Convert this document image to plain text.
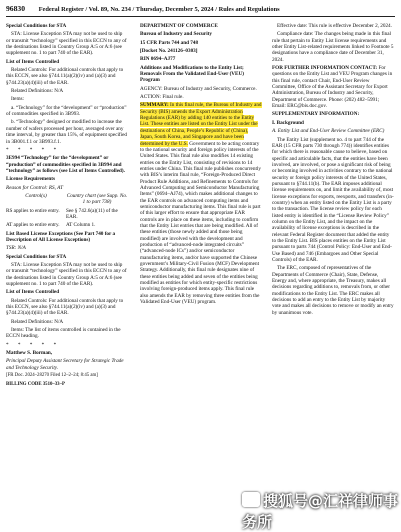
96830 Federal Register / Vol. 89, No. 234 / Thursday, December 5, 2024 / Rules and Regulations

Special Conditions for STA

STA: License Exception STA may not be used to ship or transmit “technology” specified in this ECCN to any of the destinations listed in Country Group A:5 or A:6 (see supplement no. 1 to part 740 of the EAR).

List of Items Controlled

Related Controls: For additional controls that apply to this ECCN, see also §744.11(a)(2)(iv) and (a)(3) and §744.23(a)(4)(iii) of the EAR.

Related Definitions: N/A

Items:

a. “Technology” for the “development” or “production” of commodities specified in 3B993.

b. “Technology” designed or modified to increase the number of wafers processed per hour, averaged over any time interval, by greater than 15%, of equipment specified in 3B001.f.1 or 3B993.f.1.

* * * * *

3E994 “Technology” for the “development” or “production” of commodities specified in 3B994 and “technology” as follows (see List of Items Controlled).

License Requirements

Reason for Control: RS, AT

Control(s)	Country chart (see Supp. No. 1 to part 738)
RS applies to entire entry.	See § 742.6(a)(11) of the EAR.
AT applies to entire entry.	AT Column 1.

List Based License Exceptions (See Part 740 for a Description of All License Exceptions)

TSR: N/A

Special Conditions for STA

STA: License Exception STA may not be used to ship or transmit “technology” specified in this ECCN to any of the destinations listed in Country Group A:5 or A:6 (see supplement no. 1 to part 740 of the EAR).

List of Items Controlled

Related Controls: For additional controls that apply to this ECCN, see also §744.11(a)(2)(iv) and (a)(3) and §744.23(a)(4)(iii) of the EAR.

Related Definitions: N/A

Items: The list of items controlled is contained in the ECCN heading.

* * * * *

Matthew S. Borman,

Principal Deputy Assistant Secretary for Strategic Trade and Technology Security.

[FR Doc. 2024–28270 Filed 12–2–24; 8:45 am]

BILLING CODE 3510–33–P

DEPARTMENT OF COMMERCE

Bureau of Industry and Security

15 CFR Parts 744 and 748

[Docket No. 241126–0303]

RIN 0694–AJ77

Additions and Modifications to the Entity List; Removals From the Validated End-User (VEU) Program

AGENCY: Bureau of Industry and Security, Commerce.

ACTION: Final rule.

SUMMARY: In this final rule, the Bureau of Industry and Security (BIS) amends the Export Administration Regulations (EAR) by adding 140 entities to the Entity List. These entities are listed on the Entity List under the destinations of China, People’s Republic of (China), Japan, South Korea, and Singapore and have been determined by the U.S. Government to be acting contrary to the national security and foreign policy interests of the United States. This final rule also modifies 14 existing entries on the Entity List, consisting of revisions to 14 entries under China. This final rule publishes concurrently with BIS’s interim final rule, “Foreign-Produced Direct Product Rule Additions, and Refinements to Controls for Advanced Computing and Semiconductor Manufacturing Items” (0694–AJ74), which makes additional changes to the EAR controls on advanced computing items and semiconductor manufacturing items. This final rule is part of this larger effort to ensure that appropriate EAR controls are in place on these items, including to confirm that the Entity List entries that are being modified. All of these entities (those newly added and those being modified) are involved with the development and production of “advanced-node integrated circuits” (“advanced-node ICs”) and/or semiconductor manufacturing items, and/or have supported the Chinese government’s Military-Civil Fusion (MCF) Development Strategy. Additionally, this final rule designates nine of these entities being added and seven of the entities being modified as entities for which entity-specific restrictions involving foreign-produced items apply. This final rule also amends the EAR by removing three entities from the Validated End-User (VEU) program.

Effective date: This rule is effective December 2, 2024.

Compliance date: The changes being made in this final rule that pertain to Entity List license requirements and other Entity List-related requirements linked to Footnote 5 designations have a compliance date of December 31, 2024.

FOR FURTHER INFORMATION CONTACT: For questions on the Entity List and VEU Program changes in this final rule, contact Chair, End-User Review Committee, Office of the Assistant Secretary for Export Administration, Bureau of Industry and Security, Department of Commerce. Phone: (202) 482–5991; Email: ERC@bis.doc.gov.

SUPPLEMENTARY INFORMATION:

I. Background

A. Entity List and End-User Review Committee (ERC)

The Entity List (supplement no. 4 to part 744 of the EAR (15 CFR parts 730 through 774)) identifies entities for which there is reasonable cause to believe, based on specific and articulable facts, that the entities have been involved, are involved, or pose a significant risk of being or becoming involved in activities contrary to the national security or foreign policy interests of the United States, pursuant to §744.11(b). The EAR imposes additional license requirements on, and limit the availability of, most license exceptions for exports, reexports, and transfers (in-country) when an entity listed on the Entity List is a party to the transaction. The license review policy for each listed entity is identified in the “License Review Policy” column on the Entity List, and the impact on the availability of license exceptions is described in the relevant Federal Register document that added the entity to the Entity List. BIS places entities on the Entity List pursuant to parts 744 (Control Policy: End-User and End-Use Based) and 746 (Embargoes and Other Special Controls) of the EAR.

The ERC, composed of representatives of the Departments of Commerce (Chair), State, Defense, Energy and, where appropriate, the Treasury, makes all decisions regarding additions to, removals from, or other modifications to the Entity List. The ERC makes all decisions to add an entry to the Entity List by majority vote and makes all decisions to remove or modify an entry by unanimous vote.

搜狐号@汇祥律师事务所
